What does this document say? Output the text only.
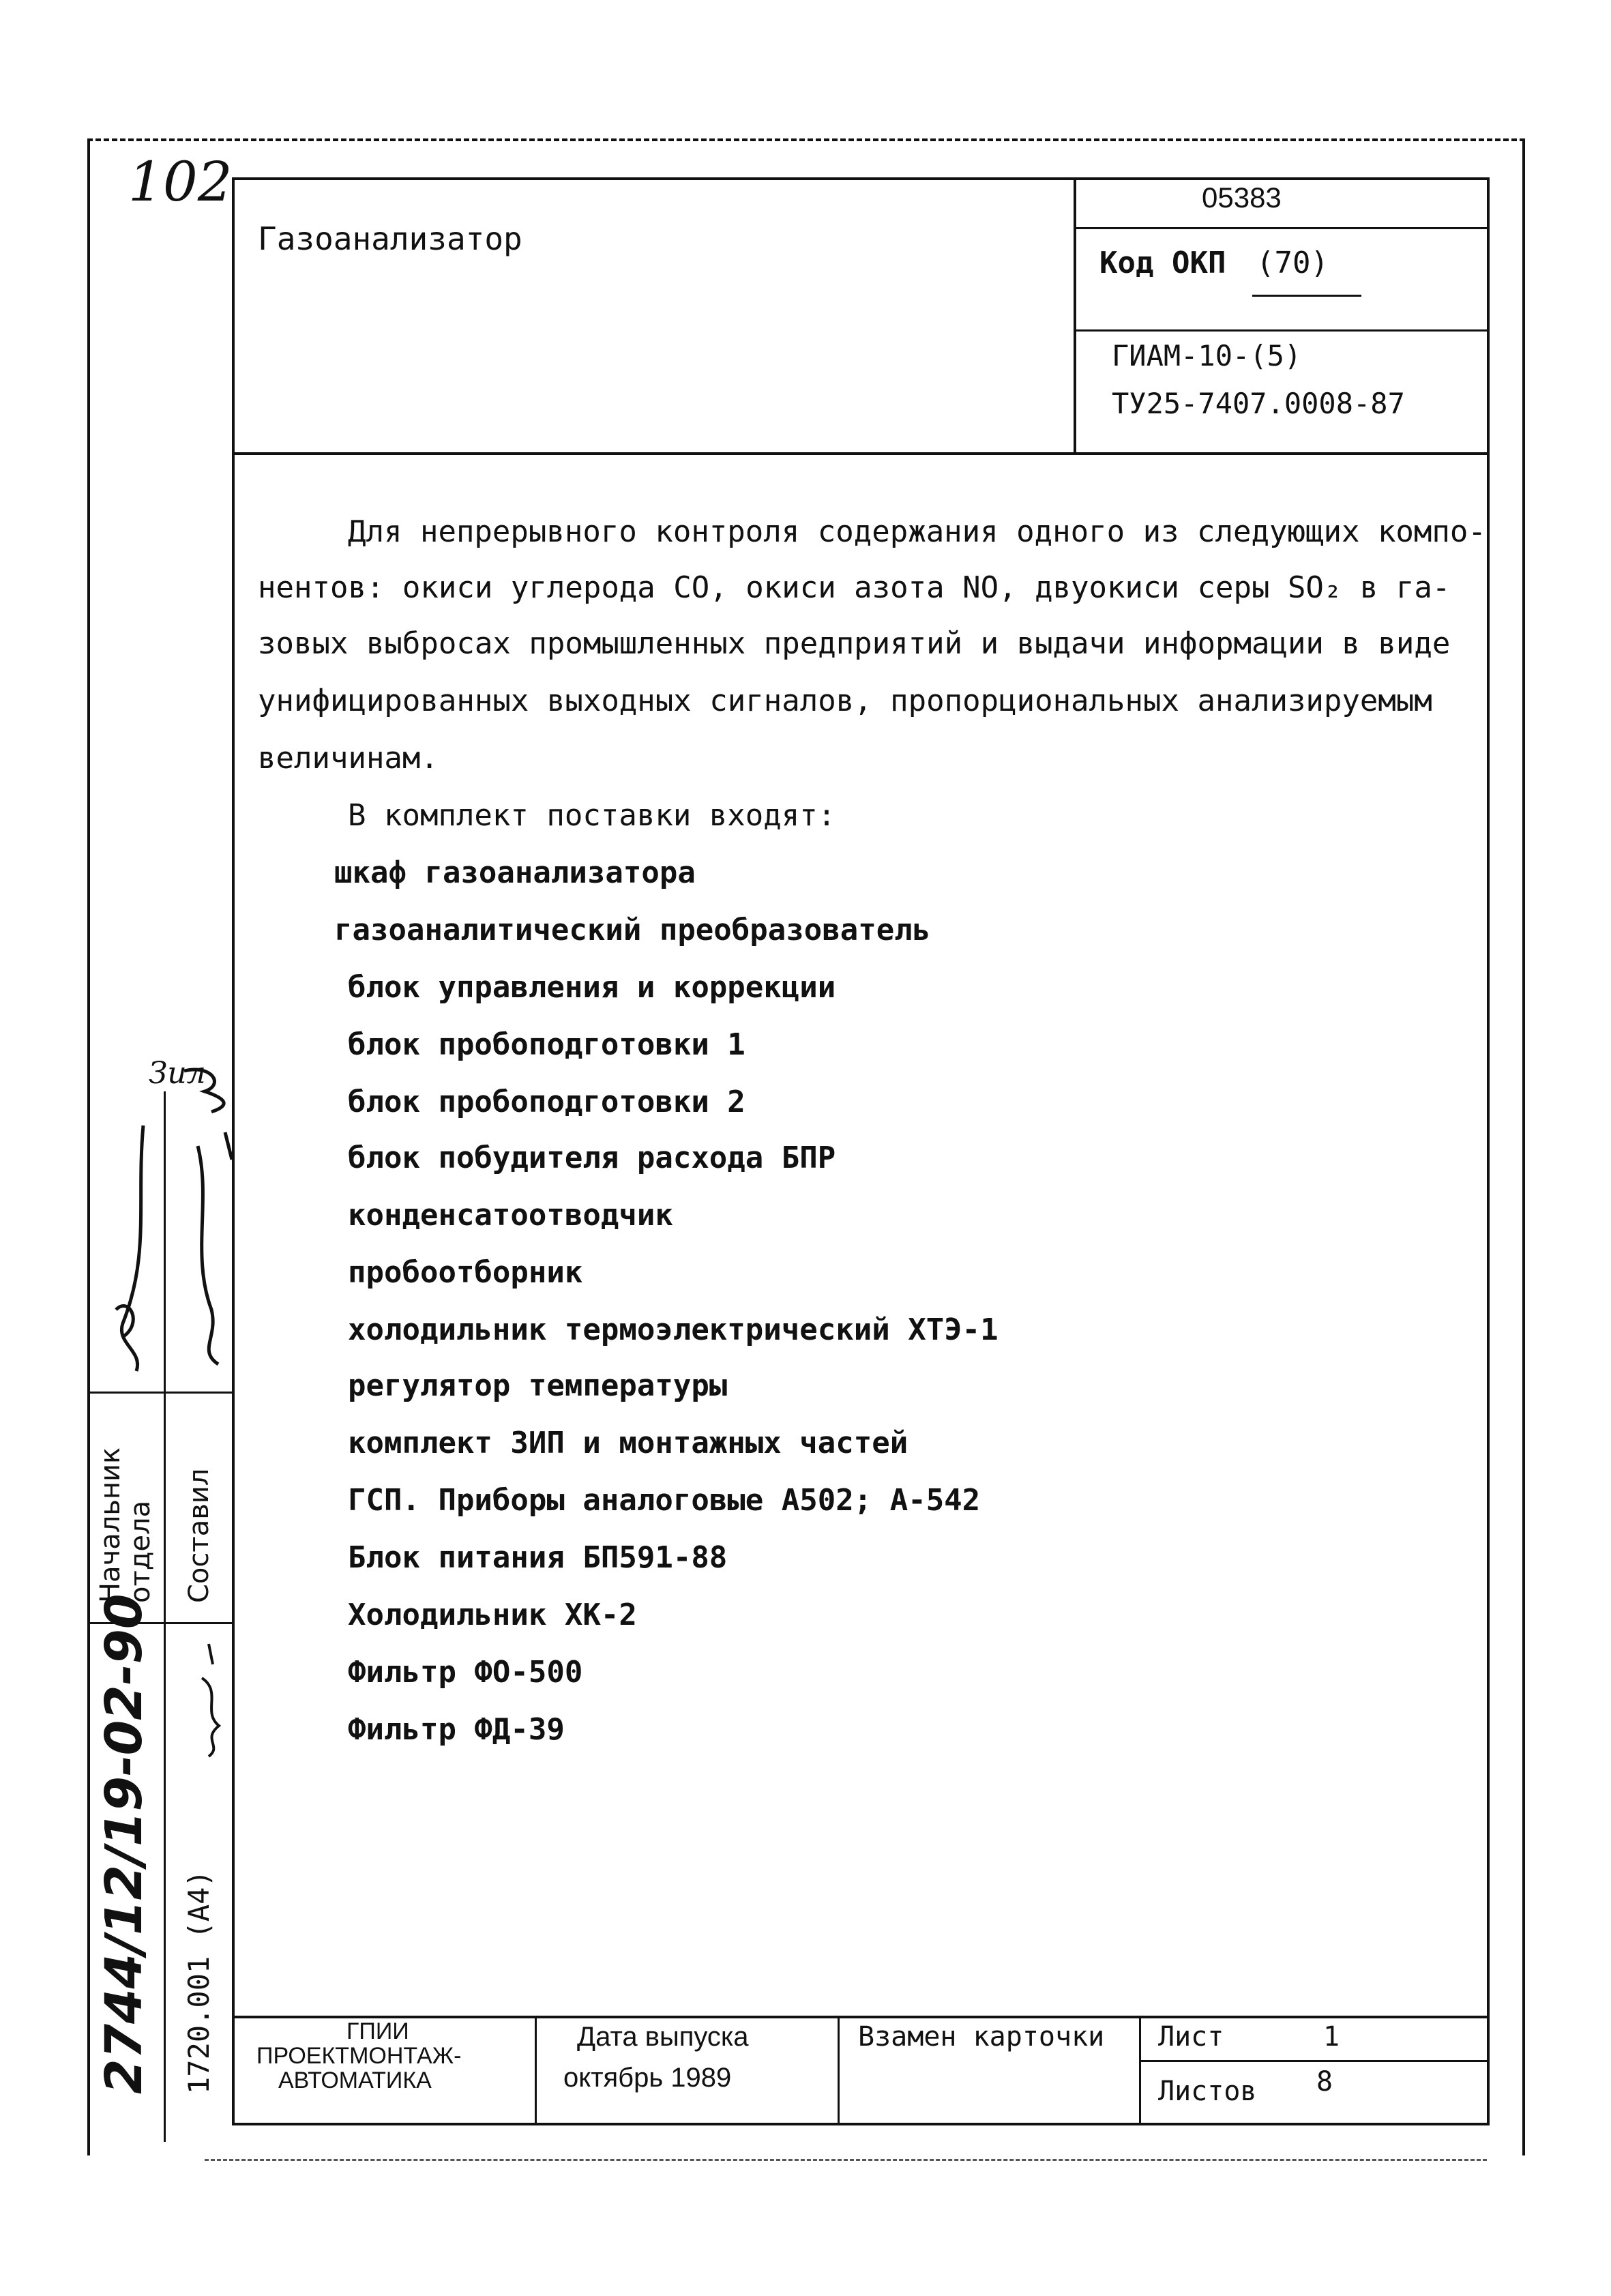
102
Газоанализатор
05383
Код ОКП (70)
ГИАМ-10-(5)
ТУ25-7407.0008-87
Для непрерывного контроля содержания одного из следующих компо-
нентов: окиси углерода СО, окиси азота NO, двуокиси серы SO₂ в га-
зовых выбросах промышленных предприятий и выдачи информации в виде
унифицированных выходных сигналов, пропорциональных анализируемым
величинам.
В комплект поставки входят:
шкаф газоанализатора
газоаналитический преобразователь
блок управления и коррекции
блок пробоподготовки 1
блок пробоподготовки 2
блок побудителя расхода БПР
конденсатоотводчик
пробоотборник
холодильник термоэлектрический ХТЭ-1
регулятор температуры
комплект ЗИП и монтажных частей
ГСП. Приборы аналоговые А502; А-542
Блок питания БП591-88
Холодильник ХК-2
Фильтр ФО-500
Фильтр ФД-39
Начальник отдела Составил
Зил
2744/12/19-02-90 1720.001 (А4)	ГПИИ
ПРОЕКТМОНТАЖ-
АВТОМАТИКА
Дата выпуска
октябрь 1989
Взамен карточки Лист	1
Листов 8
